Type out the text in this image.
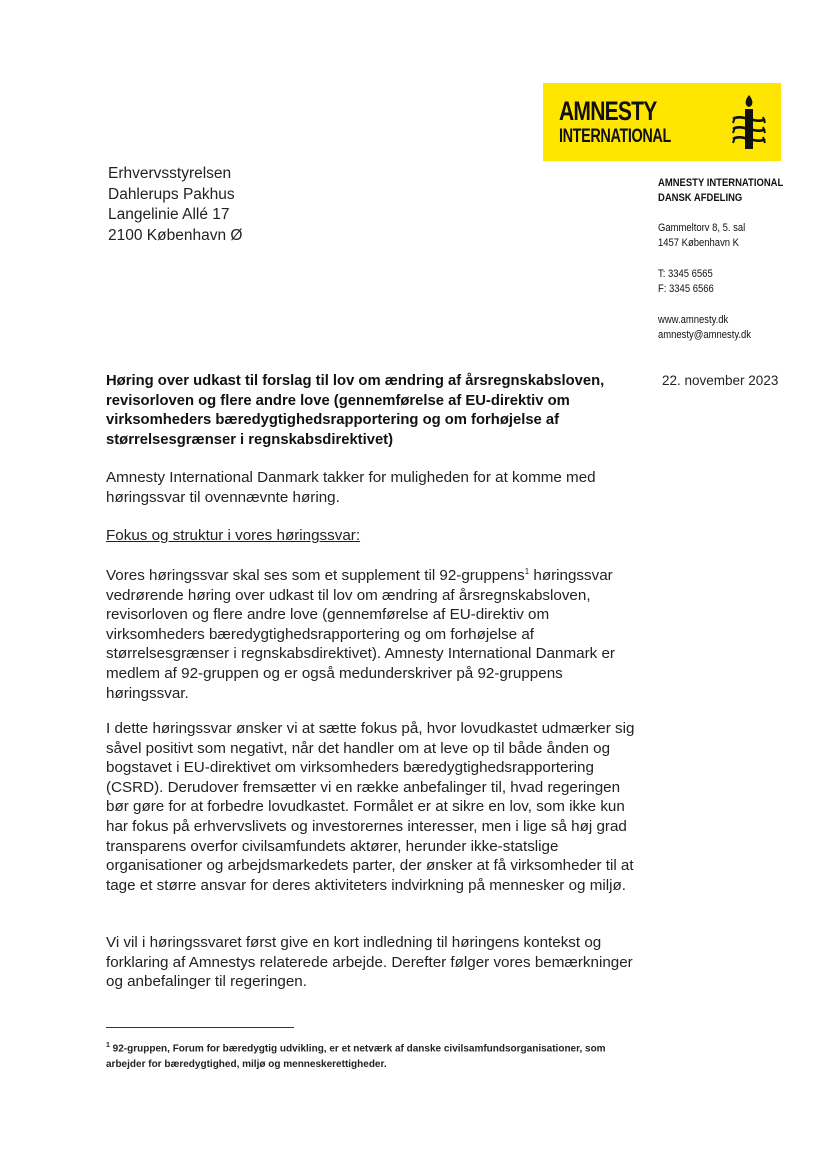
AMNESTY
INTERNATIONAL
Erhvervsstyrelsen
Dahlerups Pakhus
Langelinie Allé 17
2100 København Ø
AMNESTY INTERNATIONAL
DANSK AFDELING
Gammeltorv 8, 5. sal
1457 København K
T: 3345 6565
F: 3345 6566
www.amnesty.dk
amnesty@amnesty.dk
22. november 2023
Høring over udkast til forslag til lov om ændring af årsregnskabsloven, revisorloven og flere andre love (gennemførelse af EU-direktiv om virksomheders bæredygtighedsrapportering og om forhøjelse af størrelsesgrænser i regnskabsdirektivet)
Amnesty International Danmark takker for muligheden for at komme med høringssvar til ovennævnte høring.
Fokus og struktur i vores høringssvar:

Vores høringssvar skal ses som et supplement til 92-gruppens$^1$ høringssvar vedrørende høring over udkast til lov om ændring af årsregnskabsloven, revisorloven og flere andre love (gennemførelse af EU-direktiv om virksomheders bæredygtighedsrapportering og om forhøjelse af størrelsesgrænser i regnskabsdirektivet). Amnesty International Danmark er medlem af 92-gruppen og er også medunderskriver på 92-gruppens høringssvar.

I dette høringssvar ønsker vi at sætte fokus på, hvor lovudkastet udmærker sig såvel positivt som negativt, når det handler om at leve op til både ånden og bogstavet i EU-direktivet om virksomheders bæredygtighedsrapportering (CSRD). Derudover fremsætter vi en række anbefalinger til, hvad regeringen bør gøre for at forbedre lovudkastet. Formålet er at sikre en lov, som ikke kun har fokus på erhvervslivets og investorernes interesser, men i lige så høj grad transparens overfor civilsamfundets aktører, herunder ikke-statslige organisationer og arbejdsmarkedets parter, der ønsker at få virksomheder til at tage et større ansvar for deres aktiviteters indvirkning på mennesker og miljø.

Vi vil i høringssvaret først give en kort indledning til høringens kontekst og forklaring af Amnestys relaterede arbejde. Derefter følger vores bemærkninger og anbefalinger til regeringen.

$^1$ 92-gruppen, Forum for bæredygtig udvikling, er et netværk af danske civilsamfundsorganisationer, som arbejder for bæredygtighed, miljø og menneskerettigheder.
